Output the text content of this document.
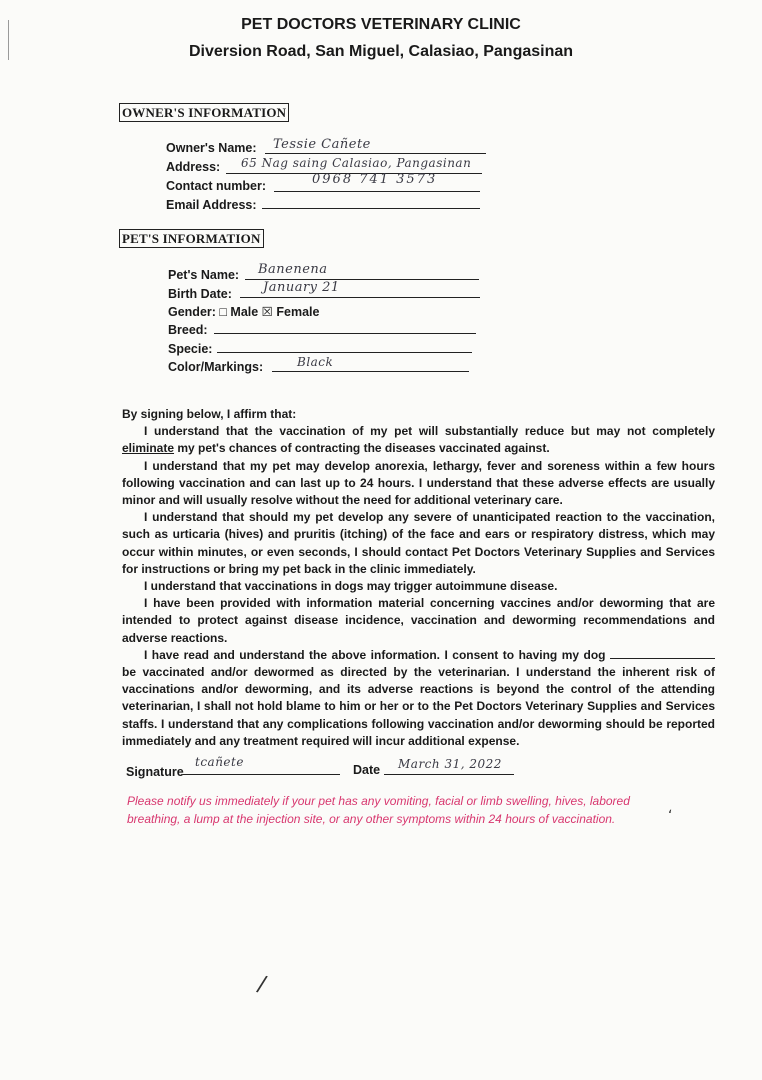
PET DOCTORS VETERINARY CLINIC
Diversion Road, San Miguel, Calasiao, Pangasinan
OWNER'S INFORMATION
Owner's Name: Tessie Cañete
Address: 65 Nag saing Calasiao, Pangasinan
Contact number:	0968 741 3573
Email Address:
PET'S INFORMATION
Pet's Name: Banenena
Birth Date: January 21
Gender: □ Male ☒ Female
Breed:
Specie:
Color/Markings:	Black

By signing below, I affirm that:

I understand that the vaccination of my pet will substantially reduce but may not completely eliminate my pet's chances of contracting the diseases vaccinated against.

I understand that my pet may develop anorexia, lethargy, fever and soreness within a few hours following vaccination and can last up to 24 hours. I understand that these adverse effects are usually minor and will usually resolve without the need for additional veterinary care.

I understand that should my pet develop any severe of unanticipated reaction to the vaccination, such as urticaria (hives) and pruritis (itching) of the face and ears or respiratory distress, which may occur within minutes, or even seconds, I should contact Pet Doctors Veterinary Supplies and Services for instructions or bring my pet back in the clinic immediately.

I understand that vaccinations in dogs may trigger autoimmune disease.

I have been provided with information material concerning vaccines and/or deworming that are intended to protect against disease incidence, vaccination and deworming recommendations and adverse reactions.

I have read and understand the above information. I consent to having my dog  be vaccinated and/or dewormed as directed by the veterinarian. I understand the inherent risk of vaccinations and/or deworming, and its adverse reactions is beyond the control of the attending veterinarian, I shall not hold blame to him or her or to the Pet Doctors Veterinary Supplies and Services staffs. I understand that any complications following vaccination and/or deworming should be reported immediately and any treatment required will incur additional expense.

Signature
tcañete
Date March 31, 2022
Please notify us immediately if your pet has any vomiting, facial or limb swelling, hives, labored breathing, a lump at the injection site, or any other symptoms within 24 hours of vaccination.	ʻ
/
